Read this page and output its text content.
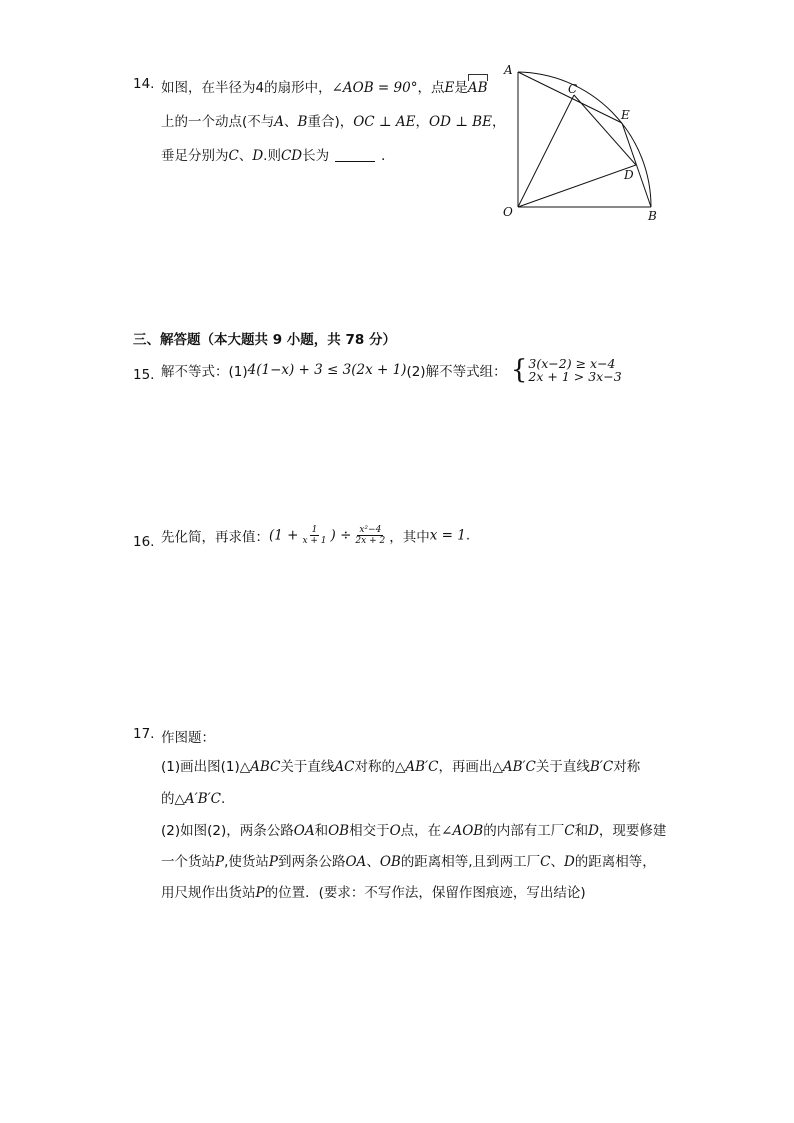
14. 如图，在半径为4的扇形中，∠AOB = 90°，点E是AB
上的一个动点(不与A、B重合)，OC ⊥ AE，OD ⊥ BE，
垂足分别为C、D.则CD长为	．
A
C
E
D
O	B
三、解答题（本大题共 9 小题，共 78 分）
15. 解不等式：(1)4(1−x) + 3 ≤ 3(2x + 1)(2)解不等式组： { 3(x−2) ≥ x−4
2x + 1 > 3x−3
16. 先化简，再求值：($1 + \frac{1}{x + 1}$ ) ÷ $\frac{\text{x²−4}}{2x + 2}$ ，其中x = 1.
17. 作图题：
(1)画出图(1)△ABC关于直线AC对称的△AB′C，再画出△AB′C关于直线B′C对称
的△A′B′C.
(2)如图(2)，两条公路OA和OB相交于O点，在∠AOB的内部有工厂C和D，现要修建
一个货站P,使货站P到两条公路OA、OB的距离相等,且到两工厂C、D的距离相等，
用尺规作出货站P的位置．(要求：不写作法，保留作图痕迹，写出结论)
